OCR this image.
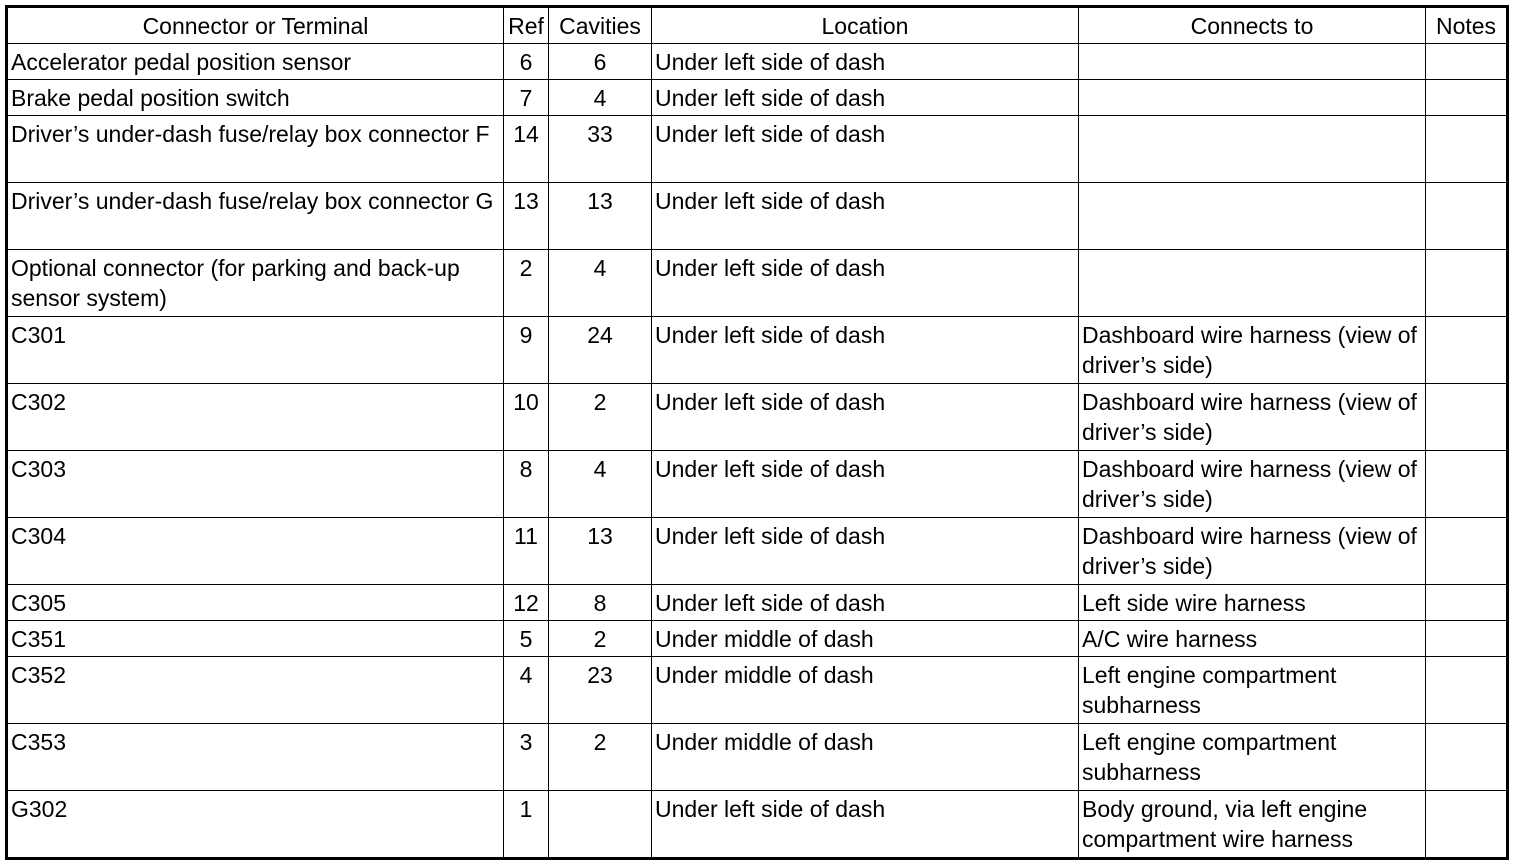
Connector or Terminal	Ref	Cavities	Location	Connects to	Notes
Accelerator pedal position sensor	6	6	Under left side of dash		
Brake pedal position switch	7	4	Under left side of dash		
Driver’s under-dash fuse/relay box connector F	14	33	Under left side of dash		
Driver’s under-dash fuse/relay box connector G	13	13	Under left side of dash		
Optional connector (for parking and back-up sensor system)	2	4	Under left side of dash		
C301	9	24	Under left side of dash	Dashboard wire harness (view of driver’s side)	
C302	10	2	Under left side of dash	Dashboard wire harness (view of driver’s side)	
C303	8	4	Under left side of dash	Dashboard wire harness (view of driver’s side)	
C304	11	13	Under left side of dash	Dashboard wire harness (view of driver’s side)	
C305	12	8	Under left side of dash	Left side wire harness	
C351	5	2	Under middle of dash	A/C wire harness	
C352	4	23	Under middle of dash	Left engine compartment subharness	
C353	3	2	Under middle of dash	Left engine compartment subharness	
G302	1		Under left side of dash	Body ground, via left engine compartment wire harness	
